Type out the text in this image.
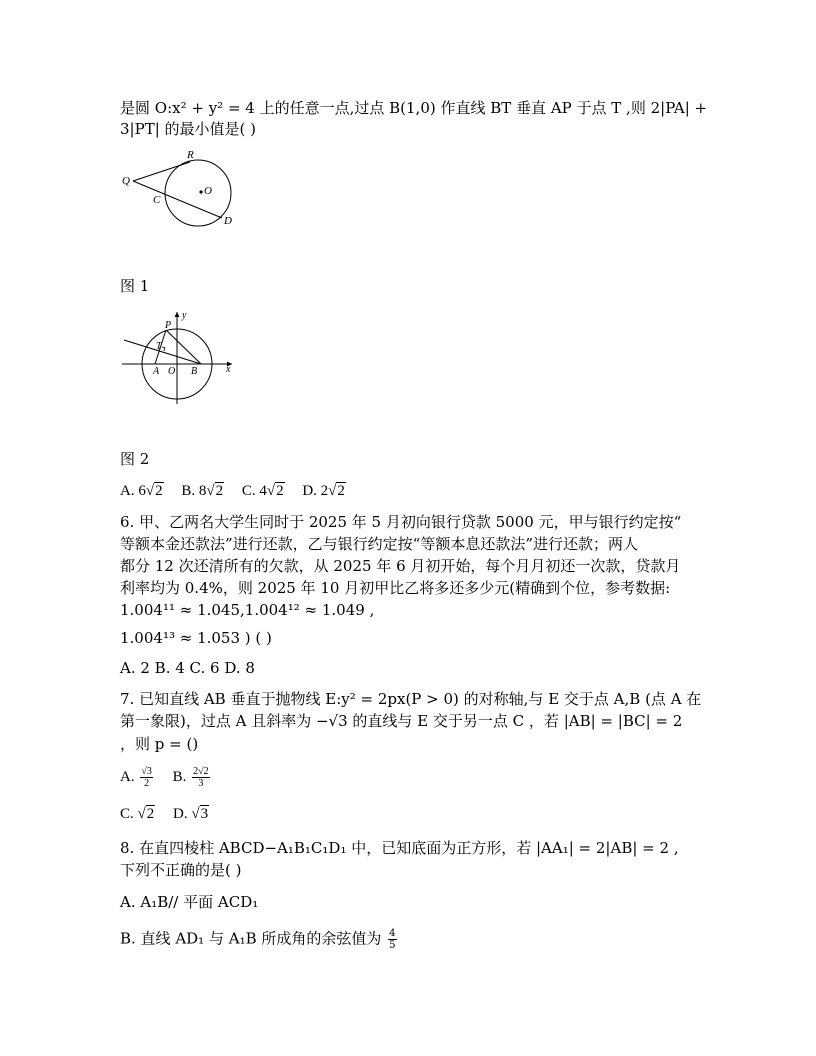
是圆 O:x² + y² = 4 上的任意一点,过点 B(1,0) 作直线 BT 垂直 AP 于点 T ,则 2|PA| +
3|PT| 的最小值是( )
Q
R
O
C
D
图 1
y
P
T
A O B	x
图 2
A. 6√2 B. 8√2 C. 4√2 D. 2√2
6. 甲、乙两名大学生同时于 2025 年 5 月初向银行贷款 5000 元，甲与银行约定按“
等额本金还款法”进行还款，乙与银行约定按“等额本息还款法”进行还款；两人
都分 12 次还清所有的欠款，从 2025 年 6 月初开始，每个月月初还一次款，贷款月
利率均为 0.4%，则 2025 年 10 月初甲比乙将多还多少元(精确到个位，参考数据:
1.004¹¹ ≈ 1.045,1.004¹² ≈ 1.049 ,
1.004¹³ ≈ 1.053 ) ( )
A. 2 B. 4 C. 6 D. 8
7. 已知直线 AB 垂直于抛物线 E:y² = 2px(P > 0) 的对称轴,与 E 交于点 A,B (点 A 在
第一象限)，过点 A 且斜率为 −√3 的直线与 E 交于另一点 C ，若 |AB| = |BC| = 2
，则 p = ()
A. $\frac{√3}{2} B$. $\frac{2√2}{3}$
C. √2 D. √3
8. 在直四棱柱 ABCD−A₁B₁C₁D₁ 中，已知底面为正方形，若 |AA₁| = 2|AB| = 2 ,
下列不正确的是( )
A. A₁B// 平面 ACD₁
B. 直线 AD₁ 与 A₁B 所成角的余弦值为 $\frac{4}{5}$
